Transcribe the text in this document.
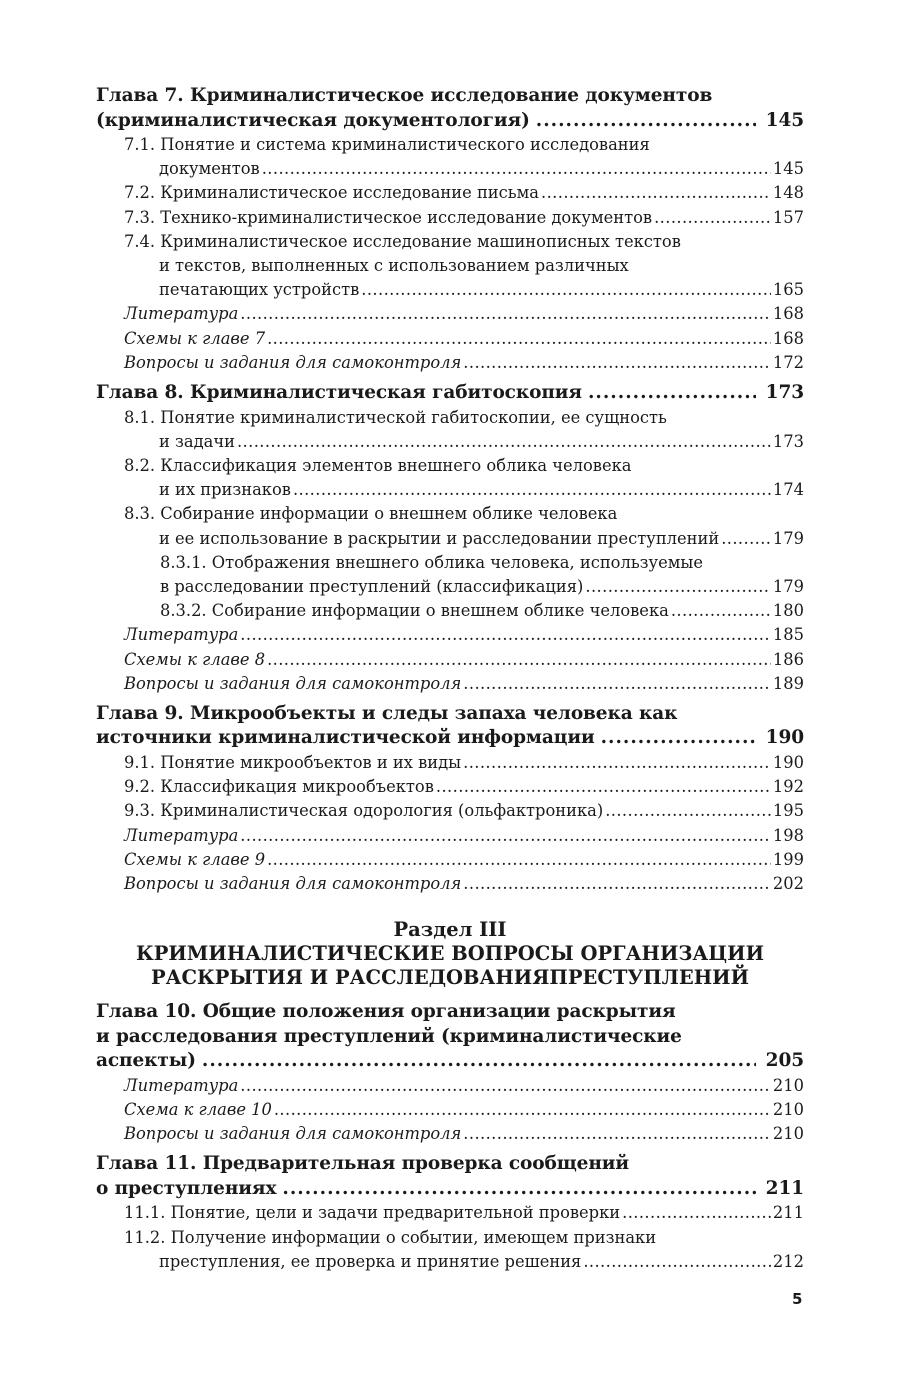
Глава 7. Криминалистическое исследование документов
(криминалистическая документология) .....	145
7.1. Понятие и система криминалистического исследования
документов .....	145
7.2. Криминалистическое исследование письма .....	148
7.3. Технико-криминалистическое исследование документов .....	157
7.4. Криминалистическое исследование машинописных текстов
и текстов, выполненных с использованием различных
печатающих устройств .....	165
Литература .....	168
Схемы к главе 7 .....	168
Вопросы и задания для самоконтроля .....	172
Глава 8. Криминалистическая габитоскопия .....	173
8.1. Понятие криминалистической габитоскопии, ее сущность
и задачи .....	173
8.2. Классификация элементов внешнего облика человека
и их признаков .....	174
8.3. Собирание информации о внешнем облике человека
и ее использование в раскрытии и расследовании преступлений .....	179
8.3.1. Отображения внешнего облика человека, используемые
в расследовании преступлений (классификация) .....	179
8.3.2. Собирание информации о внешнем облике человека .....	180
Литература .....	185
Схемы к главе 8 .....	186
Вопросы и задания для самоконтроля .....	189
Глава 9. Микрообъекты и следы запаха человека как
источники криминалистической информации .....	190
9.1. Понятие микрообъектов и их виды .....	190
9.2. Классификация микрообъектов .....	192
9.3. Криминалистическая одорология (ольфактроника) .....	195
Литература .....	198
Схемы к главе 9 .....	199
Вопросы и задания для самоконтроля .....	202
Раздел III
КРИМИНАЛИСТИЧЕСКИЕ ВОПРОСЫ ОРГАНИЗАЦИИ
РАСКРЫТИЯ И РАССЛЕДОВАНИЯПРЕСТУПЛЕНИЙ
Глава 10. Общие положения организации раскрытия
и расследования преступлений (криминалистические
аспекты) .....	205
Литература .....	210
Схема к главе 10 .....	210
Вопросы и задания для самоконтроля .....	210
Глава 11. Предварительная проверка сообщений
о преступлениях .....	211
11.1. Понятие, цели и задачи предварительной проверки .....	211
11.2. Получение информации о событии, имеющем признаки
преступления, ее проверка и принятие решения .....	212
5
